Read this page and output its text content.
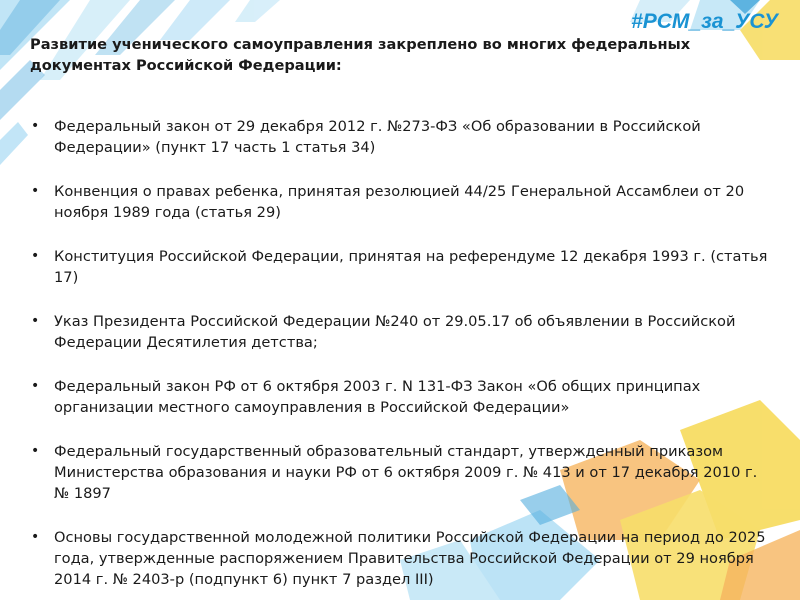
#РСМ_за_УСУ
Развитие ученического самоуправления закреплено во многих федеральных документах Российской Федерации:
• Федеральный закон от 29 декабря 2012 г. №273-ФЗ «Об образовании в Российской Федерации» (пункт 17 часть 1 статья 34)
• Конвенция о правах ребенка, принятая резолюцией 44/25 Генеральной Ассамблеи от 20 ноября 1989 года (статья 29)
• Конституция Российской Федерации, принятая на референдуме 12 декабря 1993 г. (статья 17)
• Указ Президента Российской Федерации №240 от 29.05.17 об объявлении в Российской Федерации Десятилетия детства;
• Федеральный закон РФ от 6 октября 2003 г. N 131-ФЗ Закон «Об общих принципах организации местного самоуправления в Российской Федерации»
• Федеральный государственный образовательный стандарт, утвержденный приказом Министерства образования и науки РФ от 6 октября 2009 г. № 413 и от 17 декабря 2010 г. № 1897
• Основы государственной молодежной политики Российской Федерации на период до 2025 года, утвержденные распоряжением Правительства Российской Федерации от 29 ноября 2014 г. № 2403-р (подпункт 6) пункт 7 раздел III)
